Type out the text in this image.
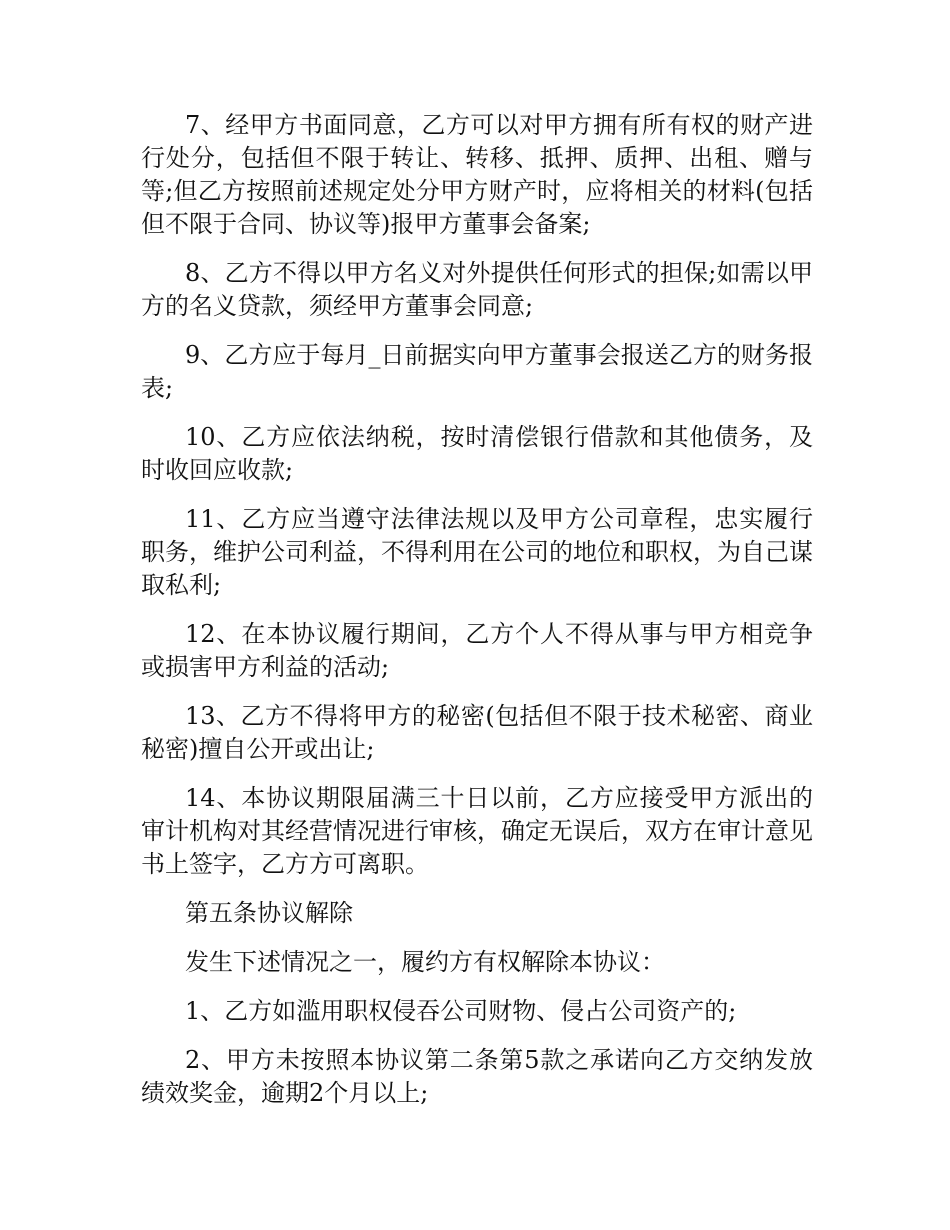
7、经甲方书面同意，乙方可以对甲方拥有所有权的财产进行处分，包括但不限于转让、转移、抵押、质押、出租、赠与等;但乙方按照前述规定处分甲方财产时，应将相关的材料(包括但不限于合同、协议等)报甲方董事会备案;

8、乙方不得以甲方名义对外提供任何形式的担保;如需以甲方的名义贷款，须经甲方董事会同意;

9、乙方应于每月_日前据实向甲方董事会报送乙方的财务报表;

10、乙方应依法纳税，按时清偿银行借款和其他债务，及时收回应收款;

11、乙方应当遵守法律法规以及甲方公司章程，忠实履行职务，维护公司利益，不得利用在公司的地位和职权，为自己谋取私利;

12、在本协议履行期间，乙方个人不得从事与甲方相竞争或损害甲方利益的活动;

13、乙方不得将甲方的秘密(包括但不限于技术秘密、商业秘密)擅自公开或出让;

14、本协议期限届满三十日以前，乙方应接受甲方派出的审计机构对其经营情况进行审核，确定无误后，双方在审计意见书上签字，乙方方可离职。

第五条协议解除

发生下述情况之一，履约方有权解除本协议：

1、乙方如滥用职权侵吞公司财物、侵占公司资产的;

2、甲方未按照本协议第二条第5款之承诺向乙方交纳发放绩效奖金，逾期2个月以上;
